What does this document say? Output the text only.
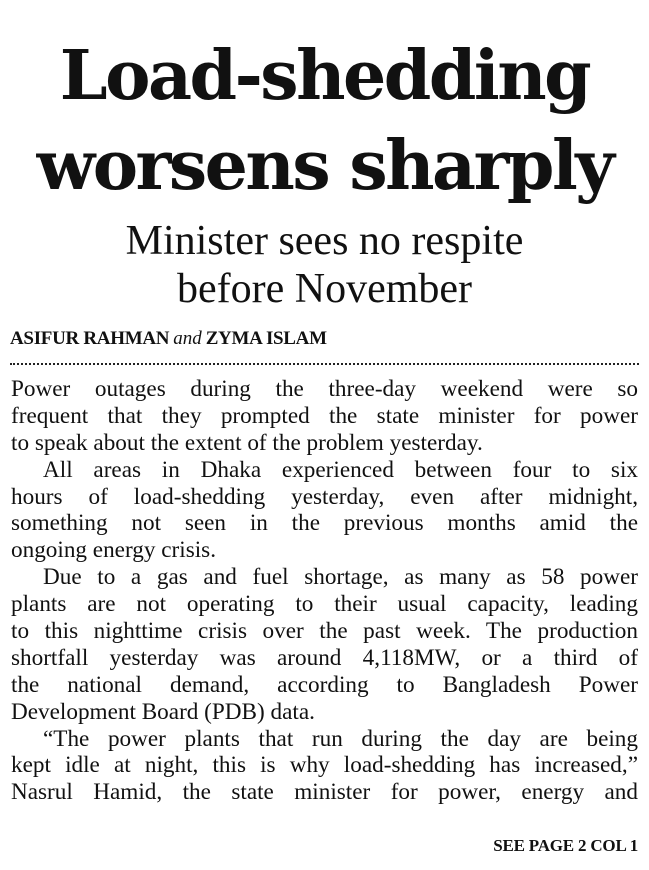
Load-shedding
worsens sharply
Minister sees no respite
before November
ASIFUR RAHMAN and ZYMA ISLAM
Power outages during the three-day weekend were so
frequent that they prompted the state minister for power
to speak about the extent of the problem yesterday.
All areas in Dhaka experienced between four to six
hours of load-shedding yesterday, even after midnight,
something not seen in the previous months amid the
ongoing energy crisis.
Due to a gas and fuel shortage, as many as 58 power
plants are not operating to their usual capacity, leading
to this nighttime crisis over the past week. The production
shortfall yesterday was around 4,118MW, or a third of
the national demand, according to Bangladesh Power
Development Board (PDB) data.
“The power plants that run during the day are being
kept idle at night, this is why load-shedding has increased,”
Nasrul Hamid, the state minister for power, energy and
SEE PAGE 2 COL 1
